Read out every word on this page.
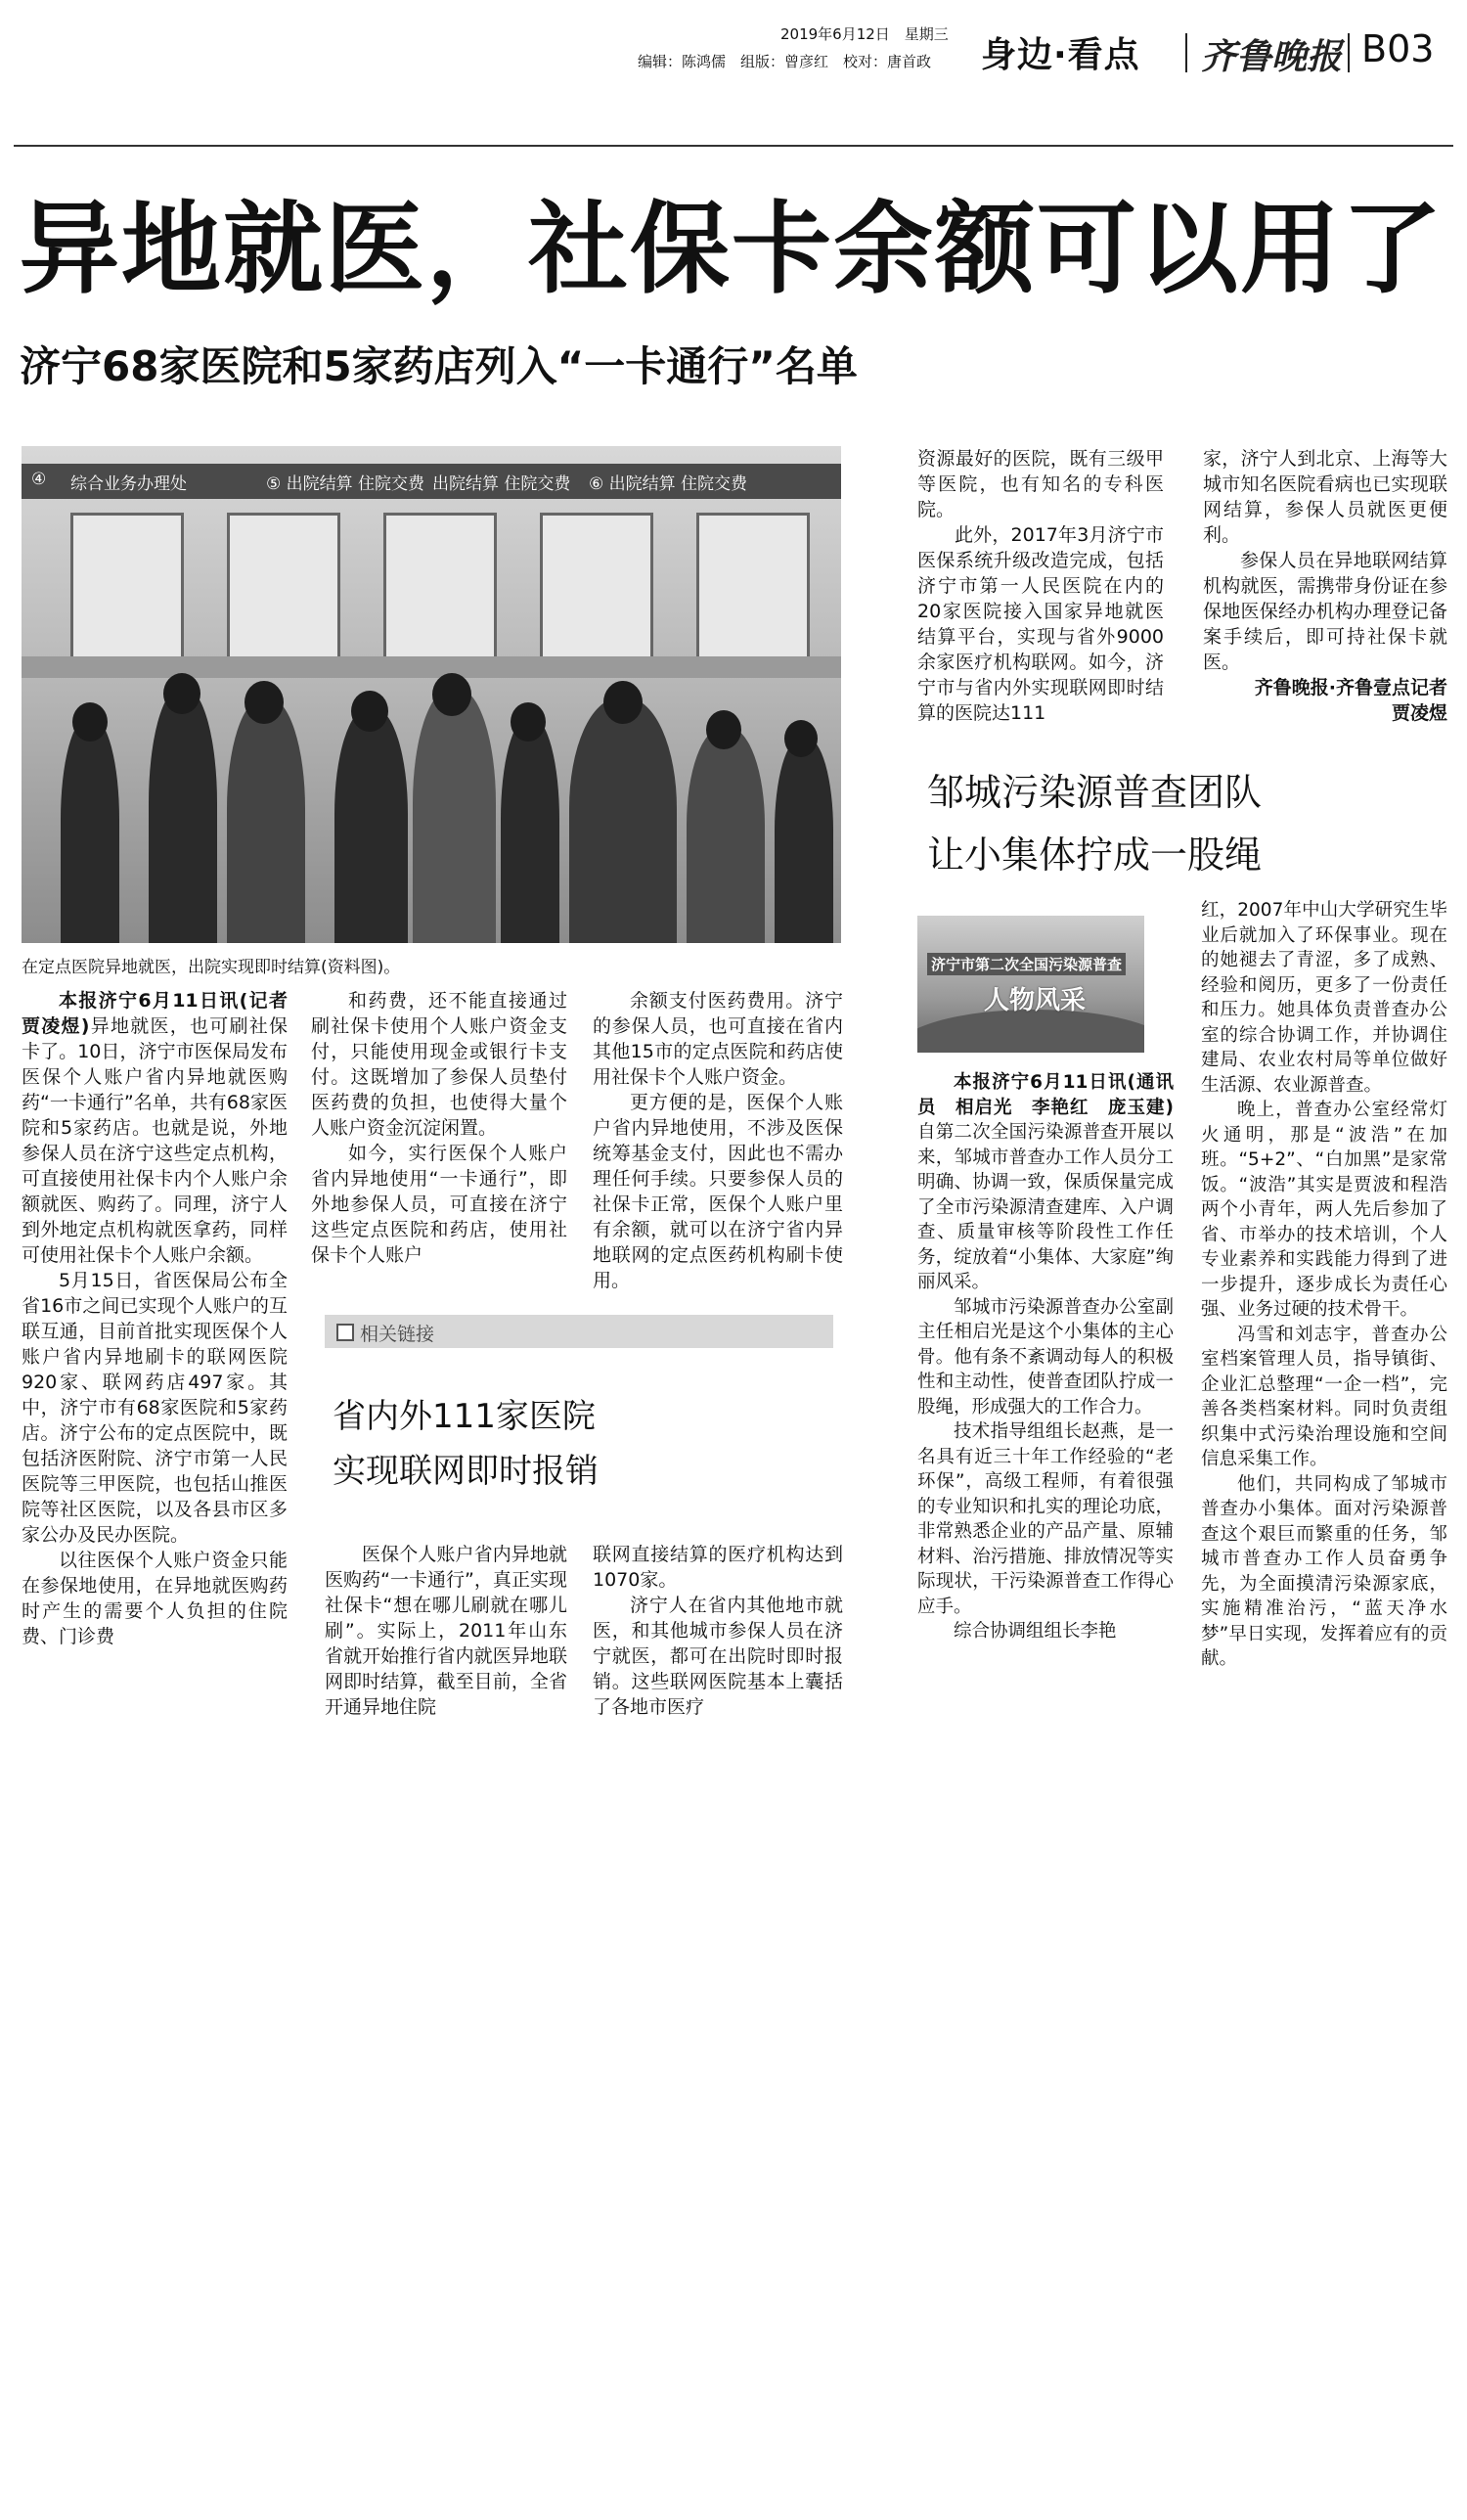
2019年6月12日　星期三
编辑：陈鸿儒　组版：曾彦红　校对：唐首政 身边·看点 齐鲁晚报 B03
异地就医，社保卡余额可以用了
济宁68家医院和5家药店列入“一卡通行”名单
④ 综合业务办理处	⑤ 出院结算 住院交费 出院结算 住院交费 ⑥ 出院结算 住院交费
在定点医院异地就医，出院实现即时结算(资料图)。

本报济宁6月11日讯(记者　贾凌煜)异地就医，也可刷社保卡了。10日，济宁市医保局发布医保个人账户省内异地就医购药“一卡通行”名单，共有68家医院和5家药店。也就是说，外地参保人员在济宁这些定点机构，可直接使用社保卡内个人账户余额就医、购药了。同理，济宁人到外地定点机构就医拿药，同样可使用社保卡个人账户余额。

5月15日，省医保局公布全省16市之间已实现个人账户的互联互通，目前首批实现医保个人账户省内异地刷卡的联网医院920家、联网药店497家。其中，济宁市有68家医院和5家药店。济宁公布的定点医院中，既包括济医附院、济宁市第一人民医院等三甲医院，也包括山推医院等社区医院，以及各县市区多家公办及民办医院。

以往医保个人账户资金只能在参保地使用，在异地就医购药时产生的需要个人负担的住院费、门诊费

和药费，还不能直接通过刷社保卡使用个人账户资金支付，只能使用现金或银行卡支付。这既增加了参保人员垫付医药费的负担，也使得大量个人账户资金沉淀闲置。

如今，实行医保个人账户省内异地使用“一卡通行”，即外地参保人员，可直接在济宁这些定点医院和药店，使用社保卡个人账户

余额支付医药费用。济宁的参保人员，也可直接在省内其他15市的定点医院和药店使用社保卡个人账户资金。

更方便的是，医保个人账户省内异地使用，不涉及医保统筹基金支付，因此也不需办理任何手续。只要参保人员的社保卡正常，医保个人账户里有余额，就可以在济宁省内异地联网的定点医药机构刷卡使用。

相关链接
省内外111家医院
实现联网即时报销

医保个人账户省内异地就医购药“一卡通行”，真正实现社保卡“想在哪儿刷就在哪儿刷”。实际上，2011年山东省就开始推行省内就医异地联网即时结算，截至目前，全省开通异地住院

联网直接结算的医疗机构达到1070家。

济宁人在省内其他地市就医，和其他城市参保人员在济宁就医，都可在出院时即时报销。这些联网医院基本上囊括了各地市医疗

资源最好的医院，既有三级甲等医院，也有知名的专科医院。

此外，2017年3月济宁市医保系统升级改造完成，包括济宁市第一人民医院在内的20家医院接入国家异地就医结算平台，实现与省外9000余家医疗机构联网。如今，济宁市与省内外实现联网即时结算的医院达111

家，济宁人到北京、上海等大城市知名医院看病也已实现联网结算，参保人员就医更便利。

参保人员在异地联网结算机构就医，需携带身份证在参保地医保经办机构办理登记备案手续后，即可持社保卡就医。

齐鲁晚报·齐鲁壹点记者　贾凌煜

邹城污染源普查团队
让小集体拧成一股绳
济宁市第二次全国污染源普查
人物风采

本报济宁6月11日讯(通讯员　相启光　李艳红　庞玉建)自第二次全国污染源普查开展以来，邹城市普查办工作人员分工明确、协调一致，保质保量完成了全市污染源清查建库、入户调查、质量审核等阶段性工作任务，绽放着“小集体、大家庭”绚丽风采。

邹城市污染源普查办公室副主任相启光是这个小集体的主心骨。他有条不紊调动每人的积极性和主动性，使普查团队拧成一股绳，形成强大的工作合力。

技术指导组组长赵燕，是一名具有近三十年工作经验的“老环保”，高级工程师，有着很强的专业知识和扎实的理论功底，非常熟悉企业的产品产量、原辅材料、治污措施、排放情况等实际现状，干污染源普查工作得心应手。

综合协调组组长李艳

红，2007年中山大学研究生毕业后就加入了环保事业。现在的她褪去了青涩，多了成熟、经验和阅历，更多了一份责任和压力。她具体负责普查办公室的综合协调工作，并协调住建局、农业农村局等单位做好生活源、农业源普查。

晚上，普查办公室经常灯火通明，那是“波浩”在加班。“5+2”、“白加黑”是家常饭。“波浩”其实是贾波和程浩两个小青年，两人先后参加了省、市举办的技术培训，个人专业素养和实践能力得到了进一步提升，逐步成长为责任心强、业务过硬的技术骨干。

冯雪和刘志宇，普查办公室档案管理人员，指导镇街、企业汇总整理“一企一档”，完善各类档案材料。同时负责组织集中式污染治理设施和空间信息采集工作。

他们，共同构成了邹城市普查办小集体。面对污染源普查这个艰巨而繁重的任务，邹城市普查办工作人员奋勇争先，为全面摸清污染源家底，实施精准治污，“蓝天净水梦”早日实现，发挥着应有的贡献。
